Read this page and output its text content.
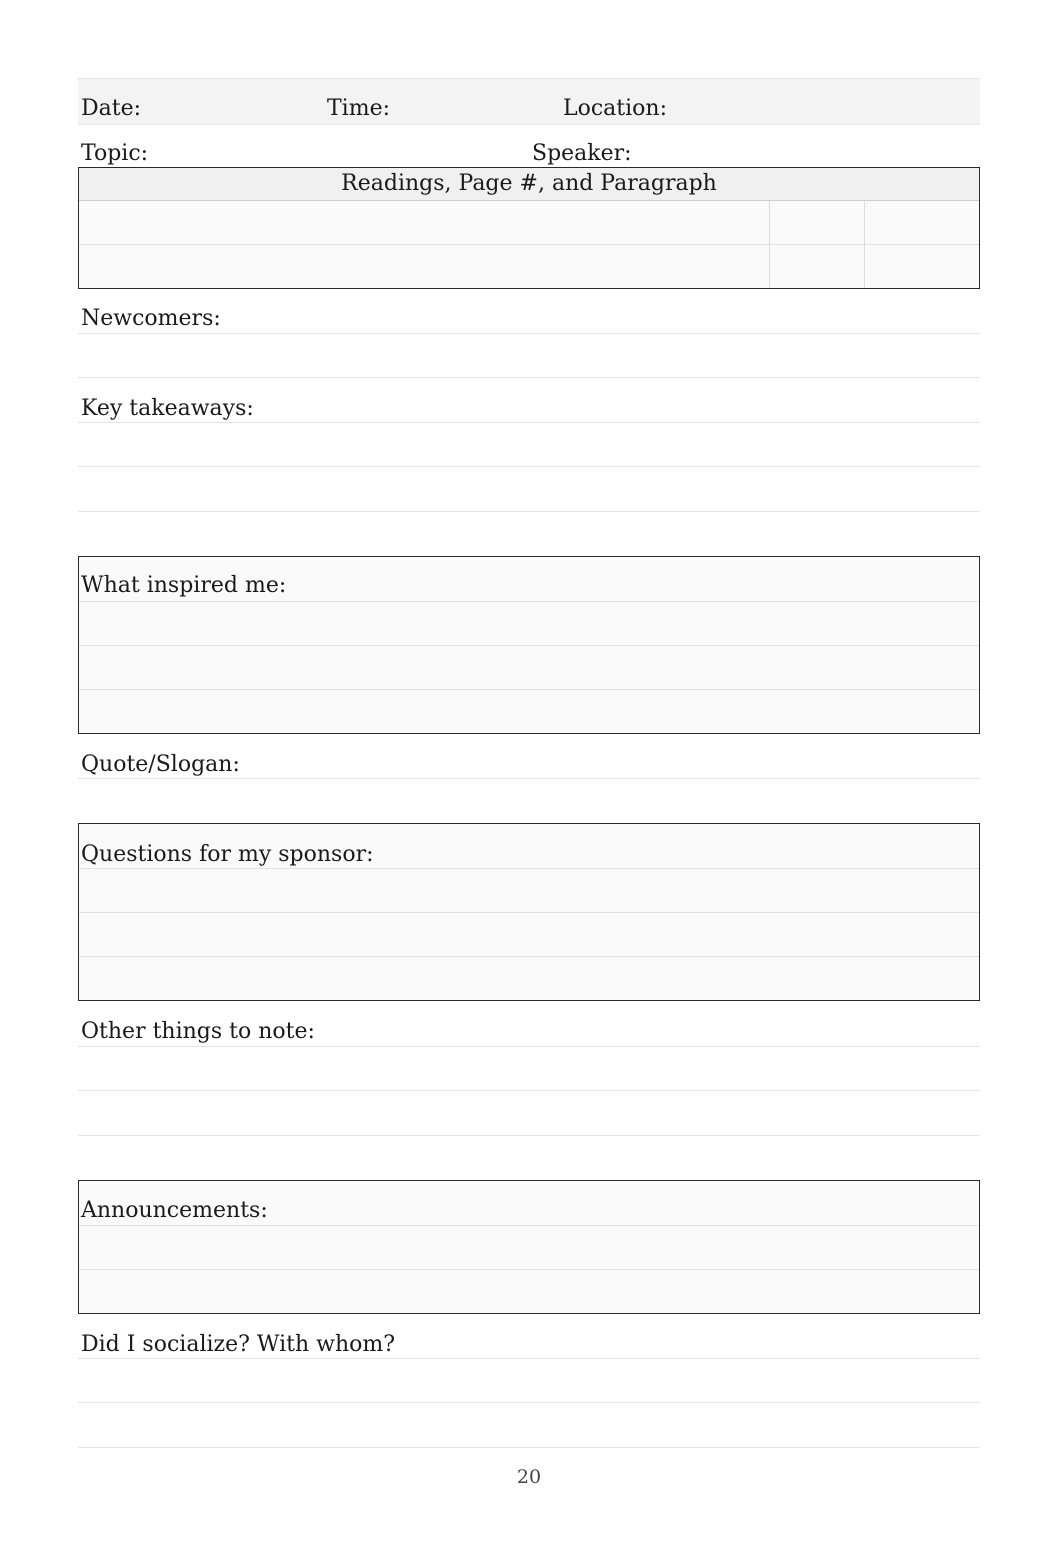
Date:	Time:	Location:
Topic:	Speaker:
Readings, Page #, and Paragraph
Newcomers:
Key takeaways:
What inspired me:
Quote/Slogan:
Questions for my sponsor:
Other things to note:
Announcements:
Did I socialize? With whom?
20
